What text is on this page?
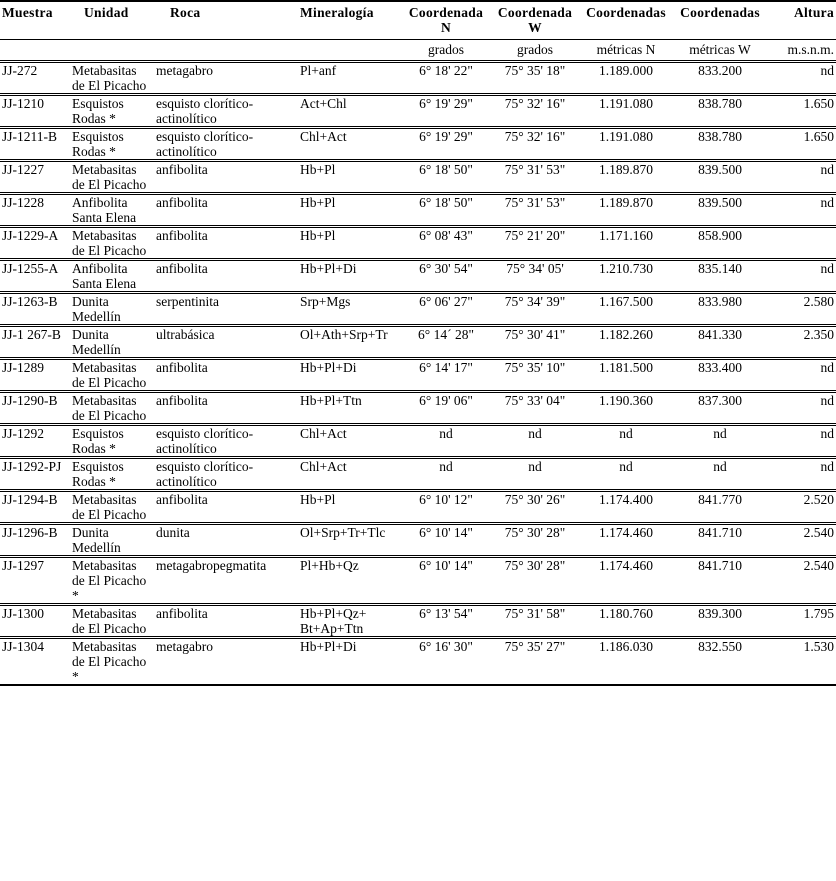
Muestra	Unidad	Roca	Mineralogía	Coordenada N	Coordenada W	Coordenadas	Coordenadas	Altura
				grados	grados	métricas N	métricas W	m.s.n.m.
JJ-272	Metabasitas de El Picacho	metagabro	Pl+anf	6° 18' 22"	75° 35' 18"	1.189.000	833.200	nd
JJ-1210	Esquistos Rodas *	esquisto clorítico-actinolítico	Act+Chl	6° 19' 29"	75° 32' 16"	1.191.080	838.780	1.650
JJ-1211-B	Esquistos Rodas *	esquisto clorítico-actinolítico	Chl+Act	6° 19' 29"	75° 32' 16"	1.191.080	838.780	1.650
JJ-1227	Metabasitas de El Picacho	anfibolita	Hb+Pl	6° 18' 50"	75° 31' 53"	1.189.870	839.500	nd
JJ-1228	Anfibolita Santa Elena	anfibolita	Hb+Pl	6° 18' 50"	75° 31' 53"	1.189.870	839.500	nd
JJ-1229-A	Metabasitas de El Picacho	anfibolita	Hb+Pl	6° 08' 43"	75° 21' 20"	1.171.160	858.900	
JJ-1255-A	Anfibolita Santa Elena	anfibolita	Hb+Pl+Di	6° 30' 54"	75° 34' 05'	1.210.730	835.140	nd
JJ-1263-B	Dunita Medellín	serpentinita	Srp+Mgs	6° 06' 27"	75° 34' 39"	1.167.500	833.980	2.580
JJ-1 267-B	Dunita Medellín	ultrabásica	Ol+Ath+Srp+Tr	6° 14´ 28"	75° 30' 41"	1.182.260	841.330	2.350
JJ-1289	Metabasitas de El Picacho	anfibolita	Hb+Pl+Di	6° 14' 17"	75° 35' 10"	1.181.500	833.400	nd
JJ-1290-B	Metabasitas de El Picacho	anfibolita	Hb+Pl+Ttn	6° 19' 06"	75° 33' 04"	1.190.360	837.300	nd
JJ-1292	Esquistos Rodas *	esquisto clorítico-actinolítico	Chl+Act	nd	nd	nd	nd	nd
JJ-1292-PJ	Esquistos Rodas *	esquisto clorítico-actinolítico	Chl+Act	nd	nd	nd	nd	nd
JJ-1294-B	Metabasitas de El Picacho	anfibolita	Hb+Pl	6° 10' 12"	75° 30' 26"	1.174.400	841.770	2.520
JJ-1296-B	Dunita Medellín	dunita	Ol+Srp+Tr+Tlc	6° 10' 14"	75° 30' 28"	1.174.460	841.710	2.540
JJ-1297	Metabasitas de El Picacho *	metagabropegmatita	Pl+Hb+Qz	6° 10' 14"	75° 30' 28"	1.174.460	841.710	2.540
JJ-1300	Metabasitas de El Picacho	anfibolita	Hb+Pl+Qz+ Bt+Ap+Ttn	6° 13' 54"	75° 31' 58"	1.180.760	839.300	1.795
JJ-1304	Metabasitas de El Picacho *	metagabro	Hb+Pl+Di	6° 16' 30"	75° 35' 27"	1.186.030	832.550	1.530
